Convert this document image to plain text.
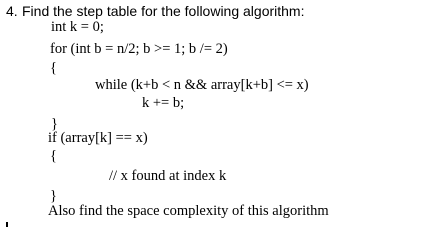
4. Find the step table for the following algorithm:
int k = 0;
for (int b = n/2; b >= 1; b /= 2)
{
while (k+b < n && array[k+b] <= x)
k += b;
}
if (array[k] == x)
{
// x found at index k
}
Also find the space complexity of this algorithm
